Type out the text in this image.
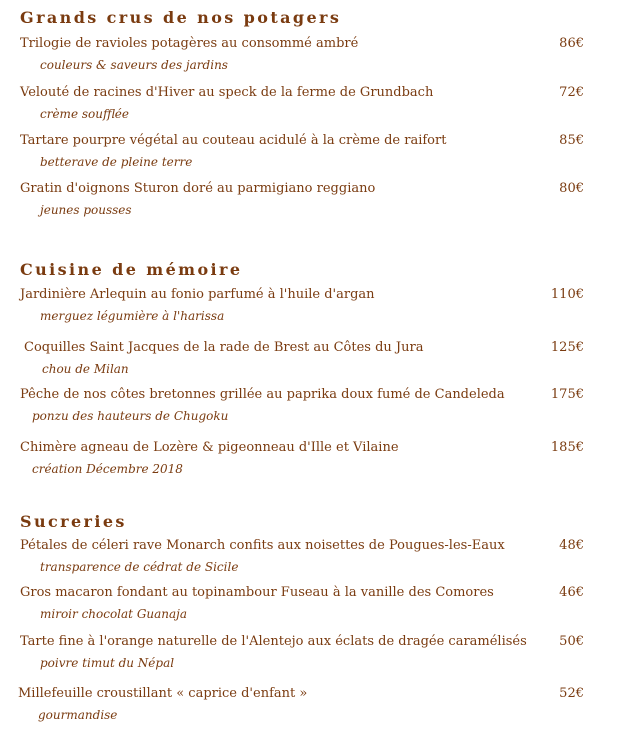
Grands crus de nos potagers
Trilogie de ravioles potagères au consommé ambré
couleurs & saveurs des jardins
86€
Velouté de racines d'Hiver au speck de la ferme de Grundbach
crème soufflée
72€
Tartare pourpre végétal au couteau acidulé à la crème de raifort
betterave de pleine terre
85€
Gratin d'oignons Sturon doré au parmigiano reggiano
jeunes pousses
80€
Cuisine de mémoire
Jardinière Arlequin au fonio parfumé à l'huile d'argan
merguez légumière à l'harissa
110€
Coquilles Saint Jacques de la rade de Brest au Côtes du Jura
chou de Milan
125€
Pêche de nos côtes bretonnes grillée au paprika doux fumé de Candeleda
ponzu des hauteurs de Chugoku
175€
Chimère agneau de Lozère & pigeonneau d'Ille et Vilaine
création Décembre 2018
185€
Sucreries
Pétales de céleri rave Monarch confits aux noisettes de Pougues-les-Eaux
transparence de cédrat de Sicile
48€
Gros macaron fondant au topinambour Fuseau à la vanille des Comores
miroir chocolat Guanaja
46€
Tarte fine à l'orange naturelle de l'Alentejo aux éclats de dragée caramélisés
poivre timut du Népal
50€
Millefeuille croustillant « caprice d'enfant »
gourmandise
52€
